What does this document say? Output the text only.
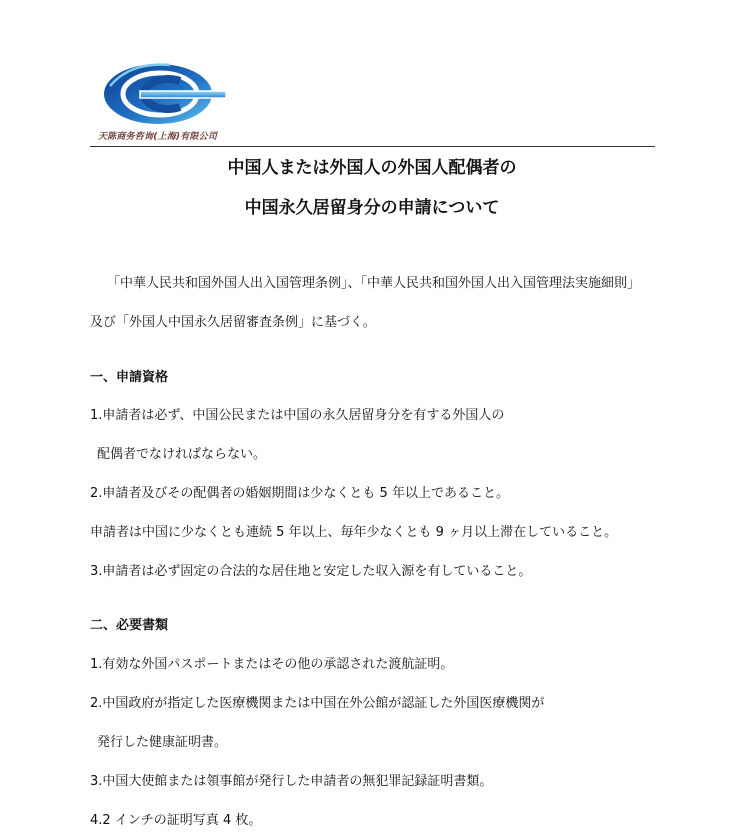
天陈商务咨询(上海)有限公司
中国人または外国人の外国人配偶者の
中国永久居留身分の申請について
「中華人民共和国外国人出入国管理条例」、「中華人民共和国外国人出入国管理法実施細則」
及び「外国人中国永久居留審査条例」に基づく。
一、申請資格
1.申請者は必ず、中国公民または中国の永久居留身分を有する外国人の
配偶者でなければならない。
2.申請者及びその配偶者の婚姻期間は少なくとも 5 年以上であること。
申請者は中国に少なくとも連続 5 年以上、毎年少なくとも 9 ヶ月以上滞在していること。
3.申請者は必ず固定の合法的な居住地と安定した収入源を有していること。
二、必要書類
1.有効な外国パスポートまたはその他の承認された渡航証明。
2.中国政府が指定した医療機関または中国在外公館が認証した外国医療機関が
発行した健康証明書。
3.中国大使館または領事館が発行した申請者の無犯罪記録証明書類。
4.2 インチの証明写真 4 枚。
